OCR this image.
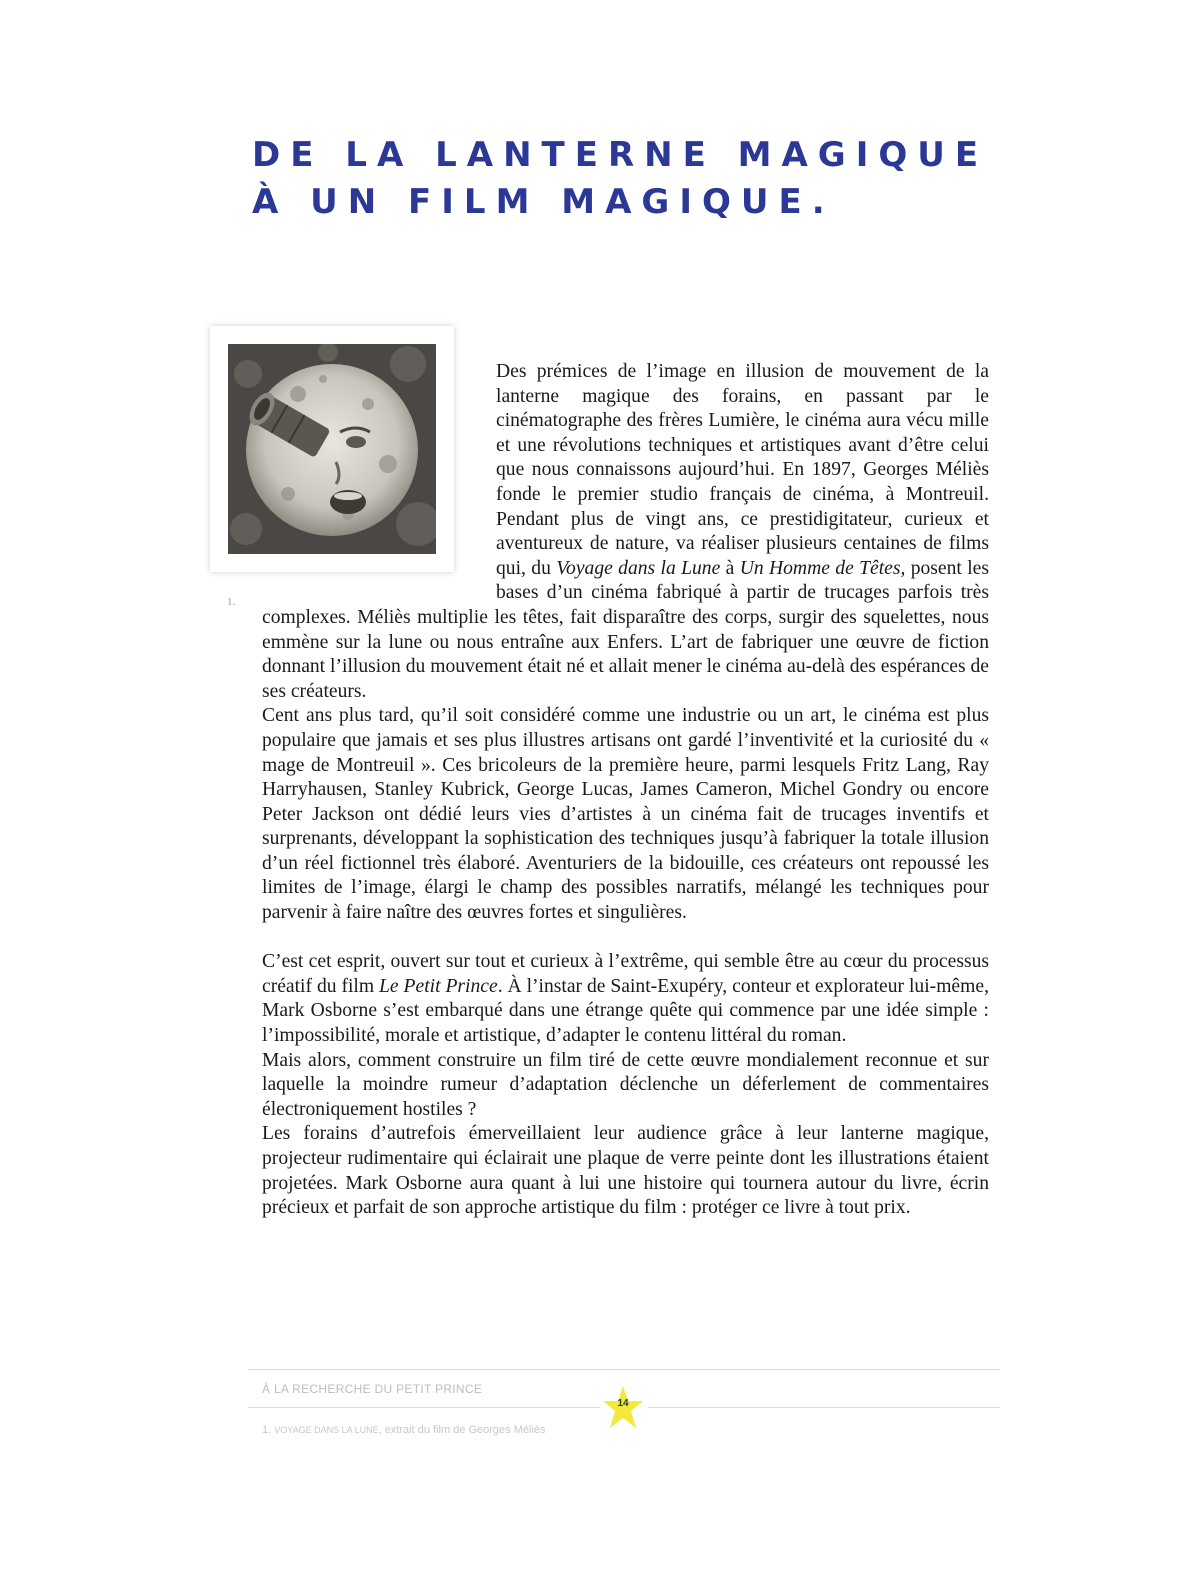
DE LA LANTERNE MAGIQUE
À UN FILM MAGIQUE.
1.

Des prémices de l’image en illusion de mouvement de la lanterne magique des forains, en passant par le cinématographe des frères Lumière, le cinéma aura vécu mille et une révolutions techniques et artistiques avant d’être celui que nous connaissons aujourd’hui. En 1897, Georges Méliès fonde le premier studio français de cinéma, à Montreuil. Pendant plus de vingt ans, ce prestidigitateur, curieux et aventureux de nature, va réaliser plusieurs centaines de films qui, du Voyage dans la Lune à Un Homme de Têtes, posent les bases d’un cinéma fabriqué à partir de trucages parfois très complexes. Méliès multiplie les têtes, fait disparaître des corps, surgir des squelettes, nous emmène sur la lune ou nous entraîne aux Enfers. L’art de fabriquer une œuvre de fiction donnant l’illusion du mouvement était né et allait mener le cinéma au-delà des espérances de ses créateurs.

Cent ans plus tard, qu’il soit considéré comme une industrie ou un art, le cinéma est plus populaire que jamais et ses plus illustres artisans ont gardé l’inventivité et la curiosité du « mage de Montreuil ». Ces bricoleurs de la première heure, parmi lesquels Fritz Lang, Ray Harryhausen, Stanley Kubrick, George Lucas, James Cameron, Michel Gondry ou encore Peter Jackson ont dédié leurs vies d’artistes à un cinéma fait de trucages inventifs et surprenants, développant la sophistication des techniques jusqu’à fabriquer la totale illusion d’un réel fictionnel très élaboré. Aventuriers de la bidouille, ces créateurs ont repoussé les limites de l’image, élargi le champ des possibles narratifs, mélangé les techniques pour parvenir à faire naître des œuvres fortes et singulières.

C’est cet esprit, ouvert sur tout et curieux à l’extrême, qui semble être au cœur du processus créatif du film Le Petit Prince. À l’instar de Saint-Exupéry, conteur et explorateur lui-même, Mark Osborne s’est embarqué dans une étrange quête qui commence par une idée simple : l’impossibilité, morale et artistique, d’adapter le contenu littéral du roman.

Mais alors, comment construire un film tiré de cette œuvre mondialement reconnue et sur laquelle la moindre rumeur d’adaptation déclenche un déferlement de commentaires électroniquement hostiles ?

Les forains d’autrefois émerveillaient leur audience grâce à leur lanterne magique, projecteur rudimentaire qui éclairait une plaque de verre peinte dont les illustrations étaient projetées. Mark Osborne aura quant à lui une histoire qui tournera autour du livre, écrin précieux et parfait de son approche artistique du film : protéger ce livre à tout prix.

À LA RECHERCHE DU PETIT PRINCE
14
1. VOYAGE DANS LA LUNE, extrait du film de Georges Méliès
